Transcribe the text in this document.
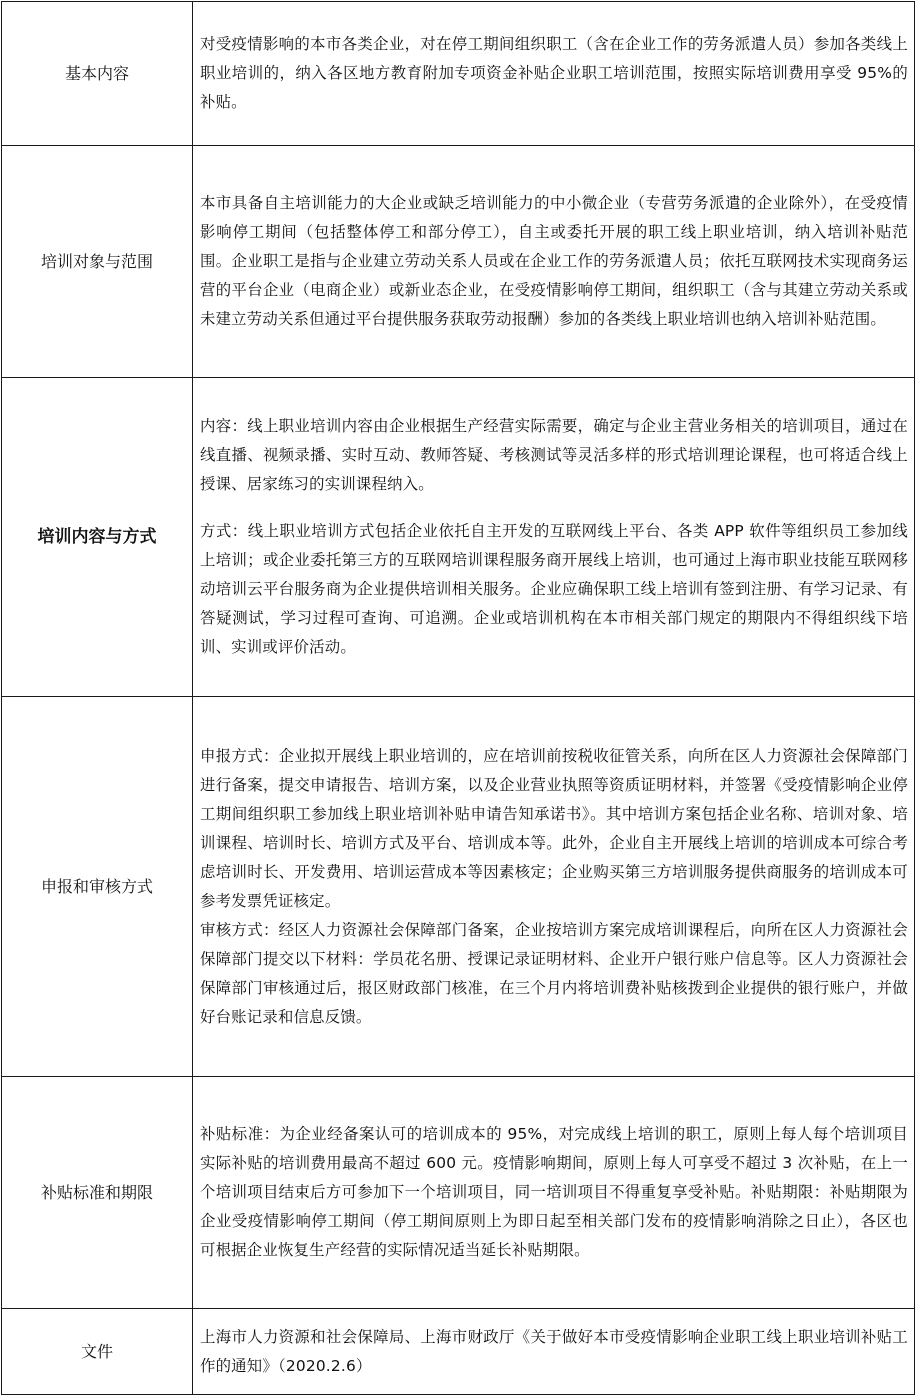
基本内容	对受疫情影响的本市各类企业，对在停工期间组织职工（含在企业工作的劳务派遣人员）参加各类线上职业培训的，纳入各区地方教育附加专项资金补贴企业职工培训范围，按照实际培训费用享受 95%的补贴。

培训对象与范围	本市具备自主培训能力的大企业或缺乏培训能力的中小微企业（专营劳务派遣的企业除外），在受疫情影响停工期间（包括整体停工和部分停工），自主或委托开展的职工线上职业培训，纳入培训补贴范围。企业职工是指与企业建立劳动关系人员或在企业工作的劳务派遣人员；依托互联网技术实现商务运营的平台企业（电商企业）或新业态企业，在受疫情影响停工期间，组织职工（含与其建立劳动关系或未建立劳动关系但通过平台提供服务获取劳动报酬）参加的各类线上职业培训也纳入培训补贴范围。

培训内容与方式	内容：线上职业培训内容由企业根据生产经营实际需要，确定与企业主营业务相关的培训项目，通过在线直播、视频录播、实时互动、教师答疑、考核测试等灵活多样的形式培训理论课程，也可将适合线上授课、居家练习的实训课程纳入。
方式：线上职业培训方式包括企业依托自主开发的互联网线上平台、各类 APP 软件等组织员工参加线上培训；或企业委托第三方的互联网培训课程服务商开展线上培训，也可通过上海市职业技能互联网移动培训云平台服务商为企业提供培训相关服务。企业应确保职工线上培训有签到注册、有学习记录、有答疑测试，学习过程可查询、可追溯。企业或培训机构在本市相关部门规定的期限内不得组织线下培训、实训或评价活动。

申报和审核方式	申报方式：企业拟开展线上职业培训的，应在培训前按税收征管关系，向所在区人力资源社会保障部门进行备案，提交申请报告、培训方案，以及企业营业执照等资质证明材料，并签署《受疫情影响企业停工期间组织职工参加线上职业培训补贴申请告知承诺书》。其中培训方案包括企业名称、培训对象、培训课程、培训时长、培训方式及平台、培训成本等。此外，企业自主开展线上培训的培训成本可综合考虑培训时长、开发费用、培训运营成本等因素核定；企业购买第三方培训服务提供商服务的培训成本可参考发票凭证核定。
审核方式：经区人力资源社会保障部门备案，企业按培训方案完成培训课程后，向所在区人力资源社会保障部门提交以下材料：学员花名册、授课记录证明材料、企业开户银行账户信息等。区人力资源社会保障部门审核通过后，报区财政部门核准，在三个月内将培训费补贴核拨到企业提供的银行账户，并做好台账记录和信息反馈。

补贴标准和期限	补贴标准：为企业经备案认可的培训成本的 95%，对完成线上培训的职工，原则上每人每个培训项目实际补贴的培训费用最高不超过 600 元。疫情影响期间，原则上每人可享受不超过 3 次补贴，在上一个培训项目结束后方可参加下一个培训项目，同一培训项目不得重复享受补贴。补贴期限：补贴期限为企业受疫情影响停工期间（停工期间原则上为即日起至相关部门发布的疫情影响消除之日止），各区也可根据企业恢复生产经营的实际情况适当延长补贴期限。

文件	上海市人力资源和社会保障局、上海市财政厅《关于做好本市受疫情影响企业职工线上职业培训补贴工作的通知》（2020.2.6）
